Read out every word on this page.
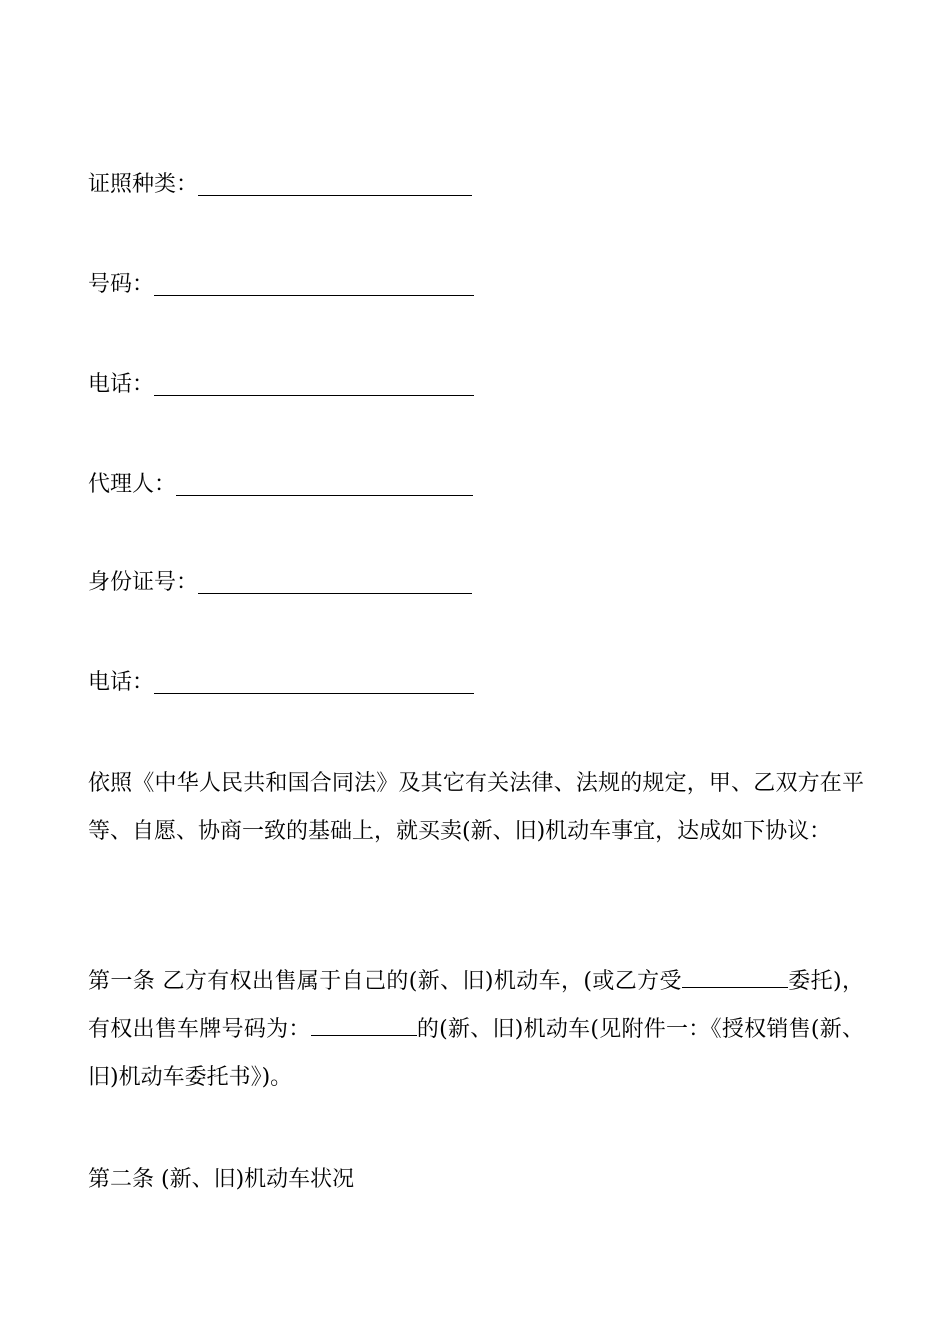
证照种类：
号码：
电话：
代理人：
身份证号：
电话：
依照《中华人民共和国合同法》及其它有关法律、法规的规定，甲、乙双方在平等、自愿、协商一致的基础上，就买卖(新、旧)机动车事宜，达成如下协议：
第一条 乙方有权出售属于自己的(新、旧)机动车，(或乙方受	委托)，有权出售车牌号码为：	的(新、旧)机动车(见附件一：《授权销售(新、旧)机动车委托书》)。
第二条 (新、旧)机动车状况
